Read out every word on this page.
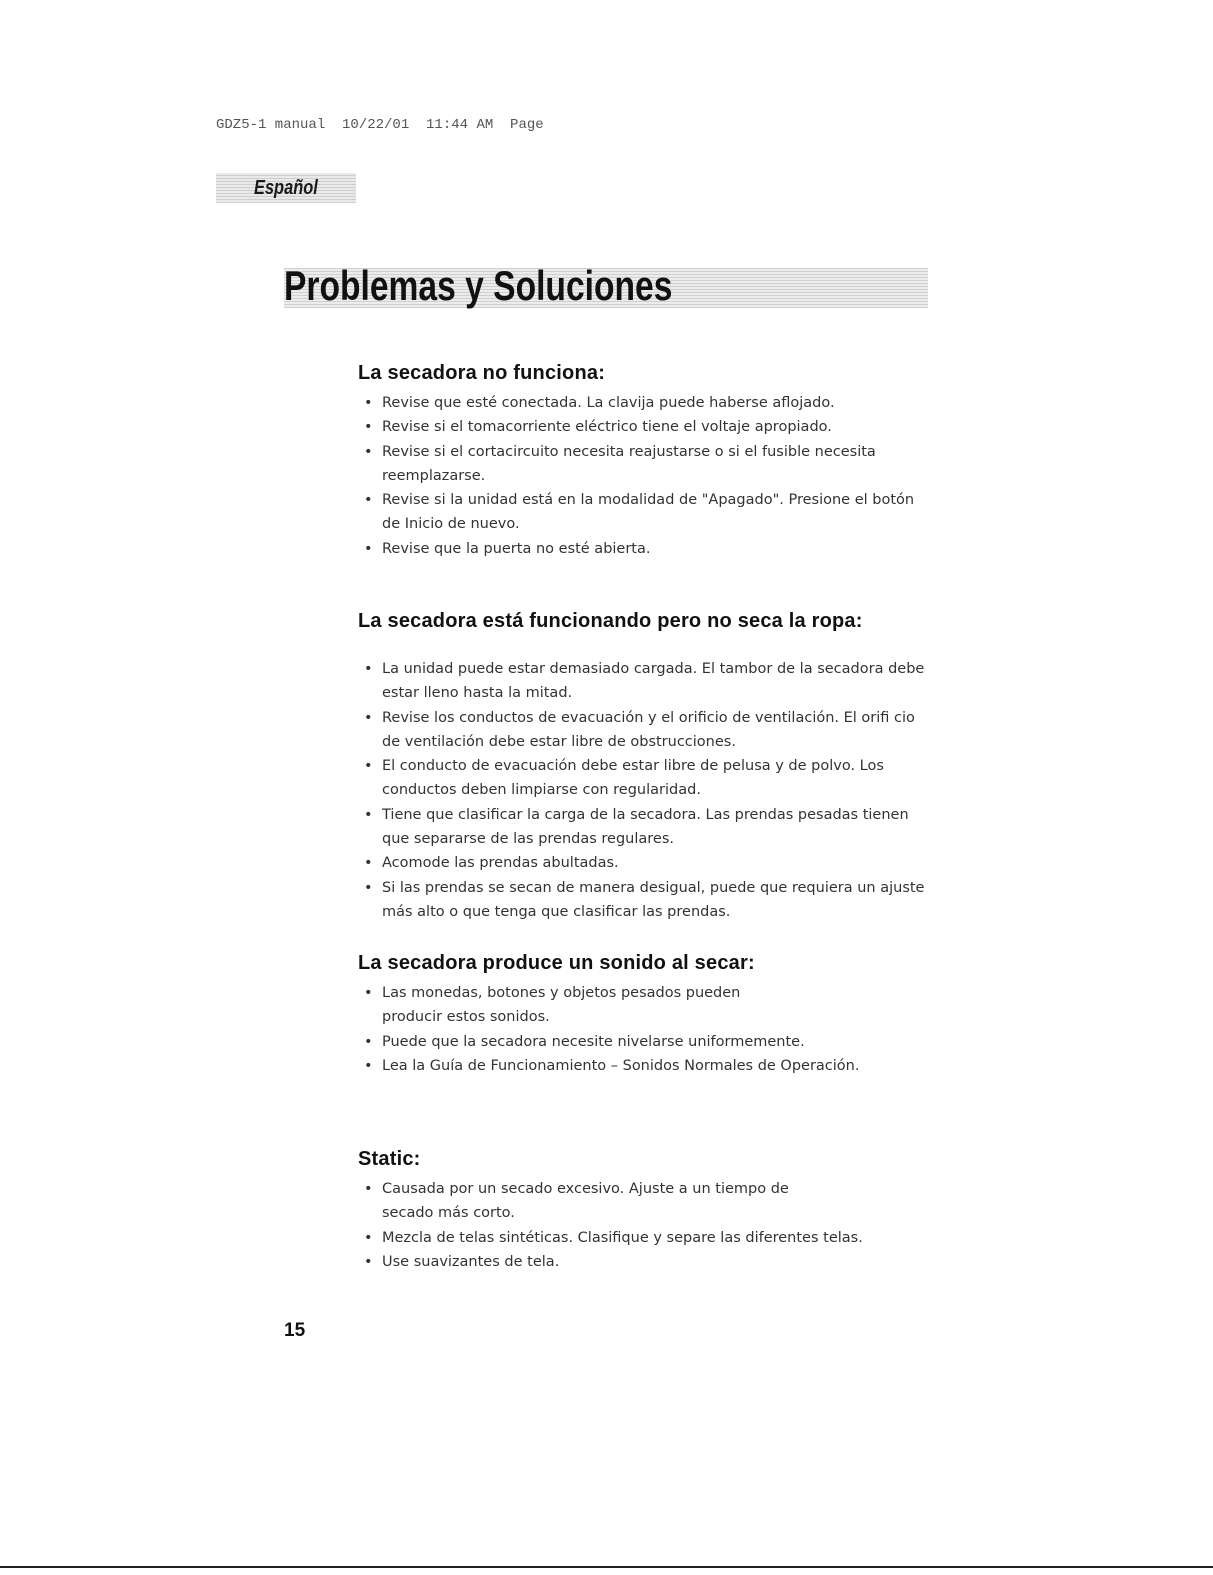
GDZ5-1 manual  10/22/01  11:44 AM  Page
Español
Problemas y Soluciones
La secadora no funciona:
• Revise que esté conectada. La clavija puede haberse aflojado.
• Revise si el tomacorriente eléctrico tiene el voltaje apropiado.
• Revise si el cortacircuito necesita reajustarse o si el fusible necesita reemplazarse.
• Revise si la unidad está en la modalidad de "Apagado". Presione el botón de Inicio de nuevo.
• Revise que la puerta no esté abierta.
La secadora está funcionando pero no seca la ropa:
• La unidad puede estar demasiado cargada. El tambor de la secadora debe estar lleno hasta la mitad.
• Revise los conductos de evacuación y el orificio de ventilación. El orifi cio de ventilación debe estar libre de obstrucciones.
• El conducto de evacuación debe estar libre de pelusa y de polvo. Los conductos deben limpiarse con regularidad.
• Tiene que clasificar la carga de la secadora. Las prendas pesadas tienen que separarse de las prendas regulares.
• Acomode las prendas abultadas.
• Si las prendas se secan de manera desigual, puede que requiera un ajuste más alto o que tenga que clasificar las prendas.
La secadora produce un sonido al secar:
• Las monedas, botones y objetos pesados pueden producir estos sonidos.
• Puede que la secadora necesite nivelarse uniformemente.
• Lea la Guía de Funcionamiento – Sonidos Normales de Operación.
Static:
• Causada por un secado excesivo. Ajuste a un tiempo de secado más corto.
• Mezcla de telas sintéticas. Clasifique y separe las diferentes telas.
• Use suavizantes de tela.
15
